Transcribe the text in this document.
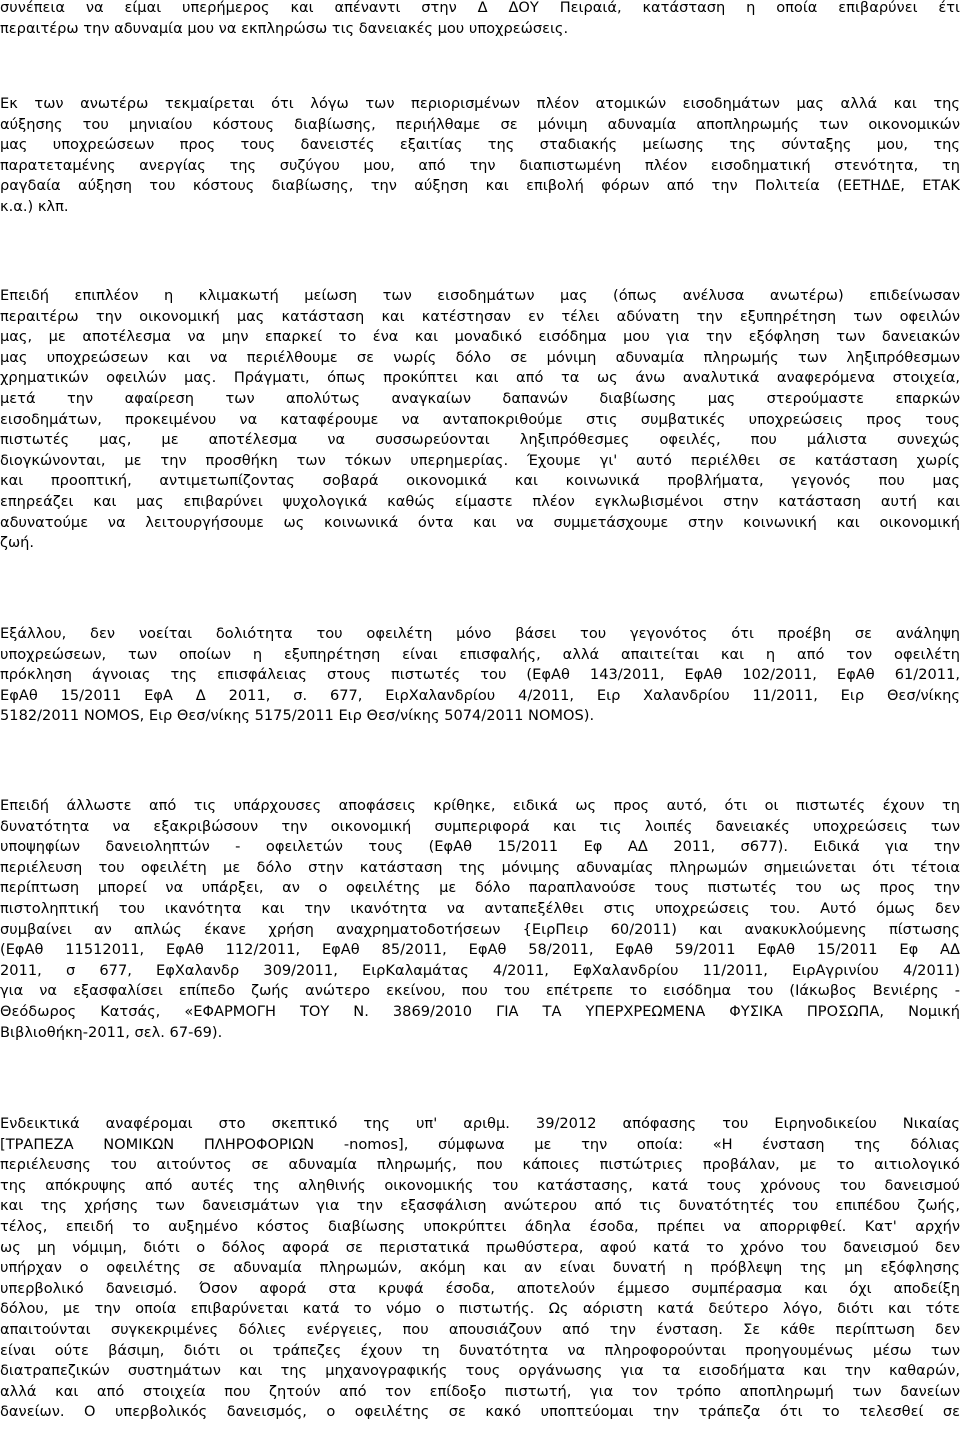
συνέπεια να είμαι υπερήμερος και απέναντι στην Δ ΔΟΥ Πειραιά, κατάσταση η οποία επιβαρύνει έτι
περαιτέρω την αδυναμία μου να εκπληρώσω τις δανειακές μου υποχρεώσεις.
Εκ των ανωτέρω τεκμαίρεται ότι λόγω των περιορισμένων πλέον ατομικών εισοδημάτων μας αλλά και της
αύξησης του μηνιαίου κόστους διαβίωσης, περιήλθαμε σε μόνιμη αδυναμία αποπληρωμής των οικονομικών
μας υποχρεώσεων προς τους δανειστές εξαιτίας της σταδιακής μείωσης της σύνταξης μου, της
παρατεταμένης ανεργίας της συζύγου μου, από την διαπιστωμένη πλέον εισοδηματική στενότητα, τη
ραγδαία αύξηση του κόστους διαβίωσης, την αύξηση και επιβολή φόρων από την Πολιτεία (ΕΕΤΗΔΕ, ΕΤΑΚ
κ.α.) κλπ.
Επειδή επιπλέον η κλιμακωτή μείωση των εισοδημάτων μας (όπως ανέλυσα ανωτέρω) επιδείνωσαν
περαιτέρω την οικονομική μας κατάσταση και κατέστησαν εν τέλει αδύνατη την εξυπηρέτηση των οφειλών
μας, με αποτέλεσμα να μην επαρκεί το ένα και μοναδικό εισόδημα μου για την εξόφληση των δανειακών
μας υποχρεώσεων και να περιέλθουμε σε νωρίς δόλο σε μόνιμη αδυναμία πληρωμής των ληξιπρόθεσμων
χρηματικών οφειλών μας. Πράγματι, όπως προκύπτει και από τα ως άνω αναλυτικά αναφερόμενα στοιχεία,
μετά την αφαίρεση των απολύτως αναγκαίων δαπανών διαβίωσης μας στερούμαστε επαρκών
εισοδημάτων, προκειμένου να καταφέρουμε να ανταποκριθούμε στις συμβατικές υποχρεώσεις προς τους
πιστωτές μας, με αποτέλεσμα να συσσωρεύονται ληξιπρόθεσμες οφειλές, που μάλιστα συνεχώς
διογκώνονται, με την προσθήκη των τόκων υπερημερίας. Έχουμε γι' αυτό περιέλθει σε κατάσταση χωρίς
και προοπτική, αντιμετωπίζοντας σοβαρά οικονομικά και κοινωνικά προβλήματα, γεγονός που μας
επηρεάζει και μας επιβαρύνει ψυχολογικά καθώς είμαστε πλέον εγκλωβισμένοι στην κατάσταση αυτή και
αδυνατούμε να λειτουργήσουμε ως κοινωνικά όντα και να συμμετάσχουμε στην κοινωνική και οικονομική
ζωή.
Εξάλλου, δεν νοείται δολιότητα του οφειλέτη μόνο βάσει του γεγονότος ότι προέβη σε ανάληψη
υποχρεώσεων, των οποίων η εξυπηρέτηση είναι επισφαλής, αλλά απαιτείται και η από τον οφειλέτη
πρόκληση άγνοιας της επισφάλειας στους πιστωτές του (ΕφΑθ 143/2011, ΕφΑθ 102/2011, ΕφΑθ 61/2011,
ΕφΑθ 15/2011 ΕφΑ Δ 2011, σ. 677, ΕιρΧαλανδρίου 4/2011, Ειρ Χαλανδρίου 11/2011, Ειρ Θεσ/νίκης
5182/2011 NOMOS, Ειρ Θεσ/νίκης 5175/2011 Ειρ Θεσ/νίκης 5074/2011 NOMOS).
Επειδή άλλωστε από τις υπάρχουσες αποφάσεις κρίθηκε, ειδικά ως προς αυτό, ότι οι πιστωτές έχουν τη
δυνατότητα να εξακριβώσουν την οικονομική συμπεριφορά και τις λοιπές δανειακές υποχρεώσεις των
υποψηφίων δανειοληπτών - οφειλετών τους (ΕφΑθ 15/2011 Εφ ΑΔ 2011, σ677). Ειδικά για την
περιέλευση του οφειλέτη με δόλο στην κατάσταση της μόνιμης αδυναμίας πληρωμών σημειώνεται ότι τέτοια
περίπτωση μπορεί να υπάρξει, αν ο οφειλέτης με δόλο παραπλανούσε τους πιστωτές του ως προς την
πιστοληπτική του ικανότητα και την ικανότητα να ανταπεξέλθει στις υποχρεώσεις του. Αυτό όμως δεν
συμβαίνει αν απλώς έκανε χρήση αναχρηματοδοτήσεων {ΕιρΠειρ 60/2011) και ανακυκλούμενης πίστωσης
(ΕφΑθ 11512011, ΕφΑθ 112/2011, ΕφΑθ 85/2011, ΕφΑθ 58/2011, ΕφΑθ 59/2011 ΕφΑθ 15/2011 Εφ ΑΔ
2011, σ 677, ΕφΧαλανδρ 309/2011, ΕιρΚαλαμάτας 4/2011, ΕφΧαλανδρίου 11/2011, ΕιρΑγρινίου 4/2011)
για να εξασφαλίσει επίπεδο ζωής ανώτερο εκείνου, που του επέτρεπε το εισόδημα του (Ιάκωβος Βενιέρης -
Θεόδωρος Κατσάς, «ΕΦΑΡΜΟΓΗ ΤΟΥ Ν. 3869/2010 ΓΙΑ ΤΑ ΥΠΕΡΧΡΕΩΜΕΝΑ ΦΥΣΙΚΑ ΠΡΟΣΩΠΑ, Νομική
Βιβλιοθήκη-2011, σελ. 67-69).
Ενδεικτικά αναφέρομαι στο σκεπτικό της υπ' αριθμ. 39/2012 απόφασης του Ειρηνοδικείου Νικαίας
[ΤΡΑΠΕΖΑ ΝΟΜΙΚΩΝ ΠΛΗΡΟΦΟΡΙΩΝ -nomos], σύμφωνα με την οποία: «Η ένσταση της δόλιας
περιέλευσης του αιτούντος σε αδυναμία πληρωμής, που κάποιες πιστώτριες προβάλαν, με το αιτιολογικό
της απόκρυψης από αυτές της αληθινής οικονομικής του κατάστασης, κατά τους χρόνους του δανεισμού
και της χρήσης των δανεισμάτων για την εξασφάλιση ανώτερου από τις δυνατότητές του επιπέδου ζωής,
τέλος, επειδή το αυξημένο κόστος διαβίωσης υποκρύπτει άδηλα έσοδα, πρέπει να απορριφθεί. Κατ' αρχήν
ως μη νόμιμη, διότι ο δόλος αφορά σε περιστατικά πρωθύστερα, αφού κατά το χρόνο του δανεισμού δεν
υπήρχαν ο οφειλέτης σε αδυναμία πληρωμών, ακόμη και αν είναι δυνατή η πρόβλεψη της μη εξόφλησης
υπερβολικό δανεισμό. Όσον αφορά στα κρυφά έσοδα, αποτελούν έμμεσο συμπέρασμα και όχι αποδείξη
δόλου, με την οποία επιβαρύνεται κατά το νόμο ο πιστωτής. Ως αόριστη κατά δεύτερο λόγο, διότι και τότε
απαιτούνται συγκεκριμένες δόλιες ενέργειες, που απουσιάζουν από την ένσταση. Σε κάθε περίπτωση δεν
είναι ούτε βάσιμη, διότι οι τράπεζες έχουν τη δυνατότητα να πληροφορούνται προηγουμένως μέσω των
διατραπεζικών συστημάτων και της μηχανογραφικής τους οργάνωσης για τα εισοδήματα και την καθαρών,
αλλά και από στοιχεία που ζητούν από τον επίδοξο πιστωτή, για τον τρόπο αποπληρωμή των δανείων
δανείων. Ο υπερβολικός δανεισμός, ο οφειλέτης σε κακό υποπτεύομαι την τράπεζα ότι το τελεσθεί σε
